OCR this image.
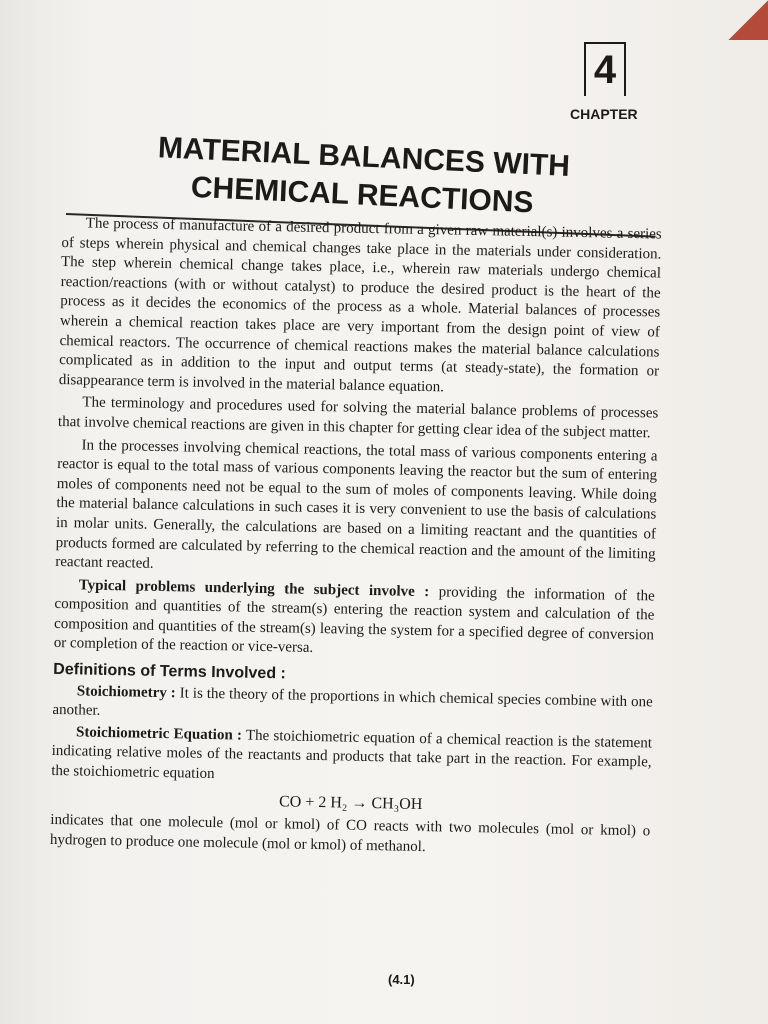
4
CHAPTER
MATERIAL BALANCES WITH
CHEMICAL REACTIONS

The process of manufacture of a desired product from a given raw material(s) involves a series of steps wherein physical and chemical changes take place in the materials under consideration. The step wherein chemical change takes place, i.e., wherein raw materials undergo chemical reaction/reactions (with or without catalyst) to produce the desired product is the heart of the process as it decides the economics of the process as a whole. Material balances of processes wherein a chemical reaction takes place are very important from the design point of view of chemical reactors. The occurrence of chemical reactions makes the material balance calculations complicated as in addition to the input and output terms (at steady-state), the formation or disappearance term is involved in the material balance equation.

The terminology and procedures used for solving the material balance problems of processes that involve chemical reactions are given in this chapter for getting clear idea of the subject matter.

In the processes involving chemical reactions, the total mass of various components entering a reactor is equal to the total mass of various components leaving the reactor but the sum of entering moles of components need not be equal to the sum of moles of components leaving. While doing the material balance calculations in such cases it is very convenient to use the basis of calculations in molar units. Generally, the calculations are based on a limiting reactant and the quantities of products formed are calculated by referring to the chemical reaction and the amount of the limiting reactant reacted.

Typical problems underlying the subject involve : providing the information of the composition and quantities of the stream(s) entering the reaction system and calculation of the composition and quantities of the stream(s) leaving the system for a specified degree of conversion or completion of the reaction or vice-versa.

Definitions of Terms Involved :

Stoichiometry : It is the theory of the proportions in which chemical species combine with one another.

Stoichiometric Equation : The stoichiometric equation of a chemical reaction is the statement indicating relative moles of the reactants and products that take part in the reaction. For example, the stoichiometric equation

CO + 2 H₂ → CH₃OH

indicates that one molecule (mol or kmol) of CO reacts with two molecules (mol or kmol) o hydrogen to produce one molecule (mol or kmol) of methanol.

(4.1)
